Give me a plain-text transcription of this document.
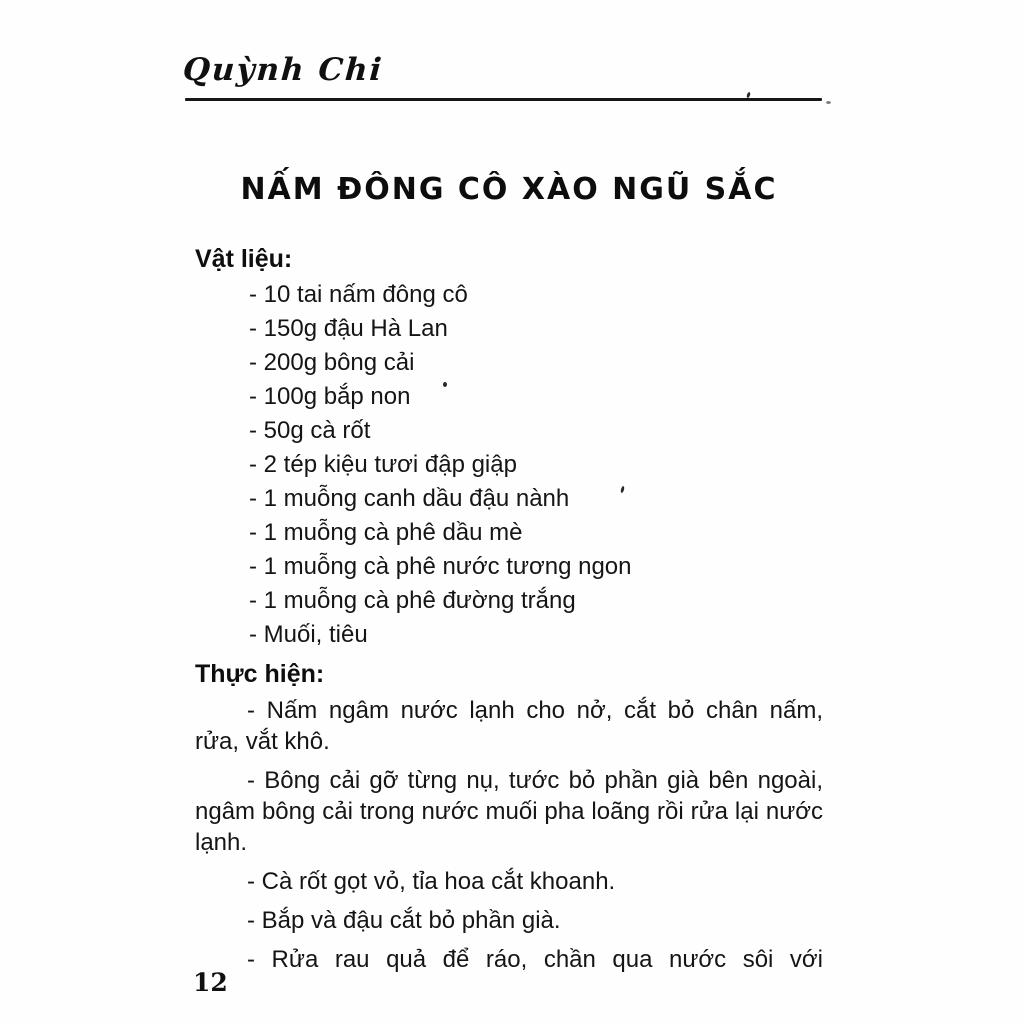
Quỳnh Chi
NẤM ĐÔNG CÔ XÀO NGŨ SẮC
Vật liệu:
- 10 tai nấm đông cô
- 150g đậu Hà Lan
- 200g bông cải
- 100g bắp non
- 50g cà rốt
- 2 tép kiệu tươi đập giập
- 1 muỗng canh dầu đậu nành
- 1 muỗng cà phê dầu mè
- 1 muỗng cà phê nước tương ngon
- 1 muỗng cà phê đường trắng
- Muối, tiêu
Thực hiện:

- Nấm ngâm nước lạnh cho nở, cắt bỏ chân nấm, rửa, vắt khô.

- Bông cải gỡ từng nụ, tước bỏ phần già bên ngoài, ngâm bông cải trong nước muối pha loãng rồi rửa lại nước lạnh.

- Cà rốt gọt vỏ, tỉa hoa cắt khoanh.

- Bắp và đậu cắt bỏ phần già.

- Rửa rau quả để ráo, chần qua nước sôi với

12
